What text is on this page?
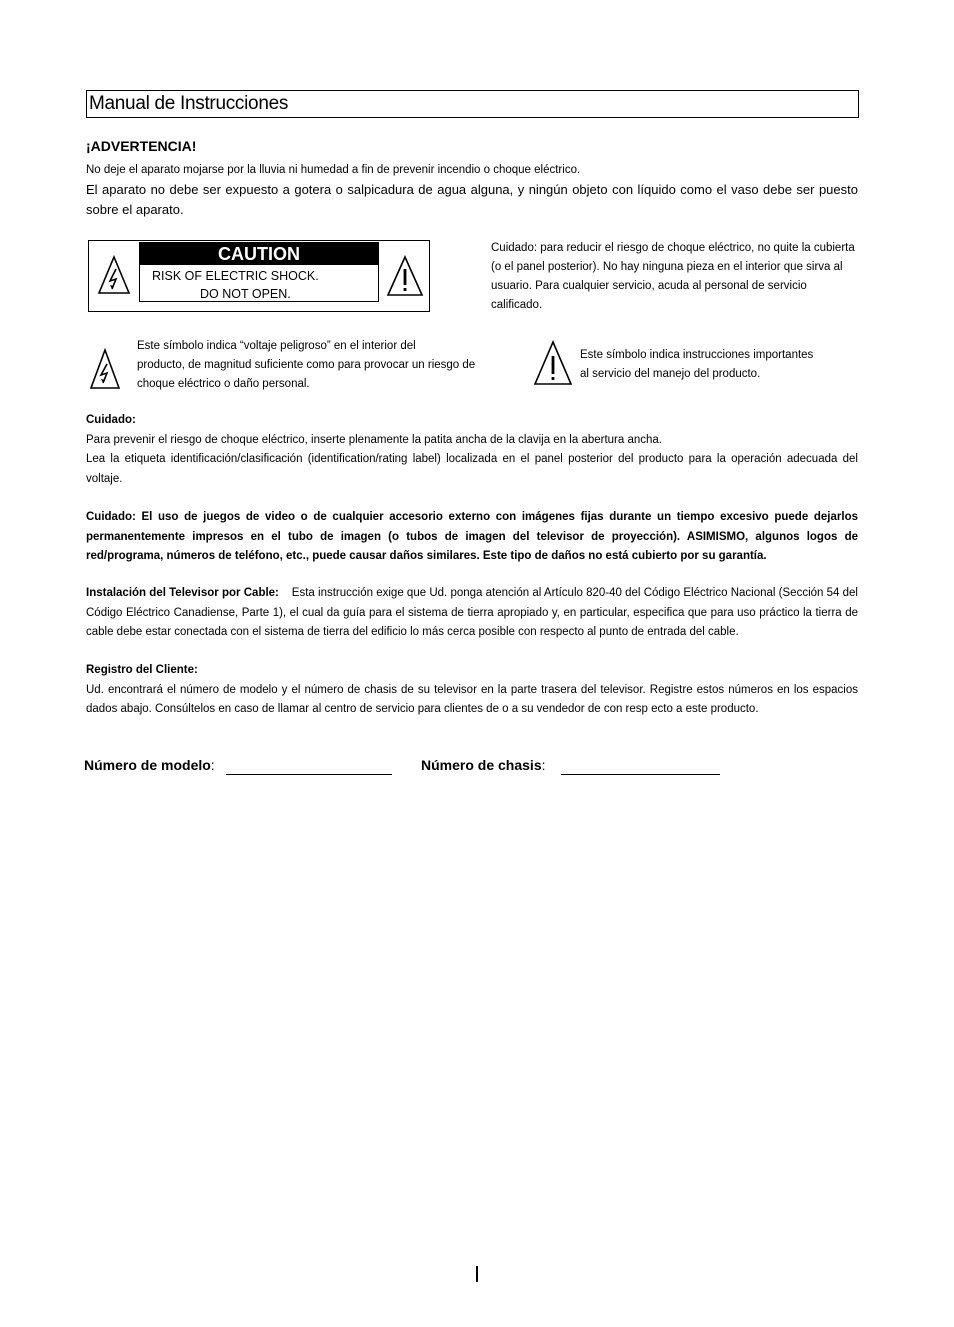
Manual de Instrucciones
¡ADVERTENCIA!
No deje el aparato mojarse por la lluvia ni humedad a fin de prevenir incendio o choque eléctrico.
El aparato no debe ser expuesto a gotera o salpicadura de agua alguna, y ningún objeto con líquido como el vaso debe ser puesto sobre el aparato.
CAUTION
RISK OF ELECTRIC SHOCK.
DO NOT OPEN.
Cuidado: para reducir el riesgo de choque eléctrico, no quite la cubierta (o el panel posterior). No hay ninguna pieza en el interior que sirva al usuario. Para cualquier servicio, acuda al personal de servicio calificado.
Este símbolo indica “voltaje peligroso” en el interior del
producto, de magnitud suficiente como para provocar un riesgo de
choque eléctrico o daño personal.
Este símbolo indica instrucciones importantes
al servicio del manejo del producto.
Cuidado:
Para prevenir el riesgo de choque eléctrico, inserte plenamente la patita ancha de la clavija en la abertura ancha.
Lea la etiqueta identificación/clasificación (identification/rating label) localizada en el panel posterior del producto para la operación adecuada del voltaje.
Cuidado: El uso de juegos de video o de cualquier accesorio externo con imágenes fijas durante un tiempo excesivo puede dejarlos permanentemente impresos en el tubo de imagen (o tubos de imagen del televisor de proyección). ASIMISMO, algunos logos de red/programa, números de teléfono, etc., puede causar daños similares. Este tipo de daños no está cubierto por su garantía.
Instalación del Televisor por Cable: Esta instrucción exige que Ud. ponga atención al Artículo 820-40 del Código Eléctrico Nacional (Sección 54 del Código Eléctrico Canadiense, Parte 1), el cual da guía para el sistema de tierra apropiado y, en particular, especifica que para uso práctico la tierra de cable debe estar conectada con el sistema de tierra del edificio lo más cerca posible con respecto al punto de entrada del cable.
Registro del Cliente:
Ud. encontrará el número de modelo y el número de chasis de su televisor en la parte trasera del televisor. Registre estos números en los espacios dados abajo. Consúltelos en caso de llamar al centro de servicio para clientes de o a su vendedor de con resp ecto a este producto.
Número de modelo:	Número de chasis:
